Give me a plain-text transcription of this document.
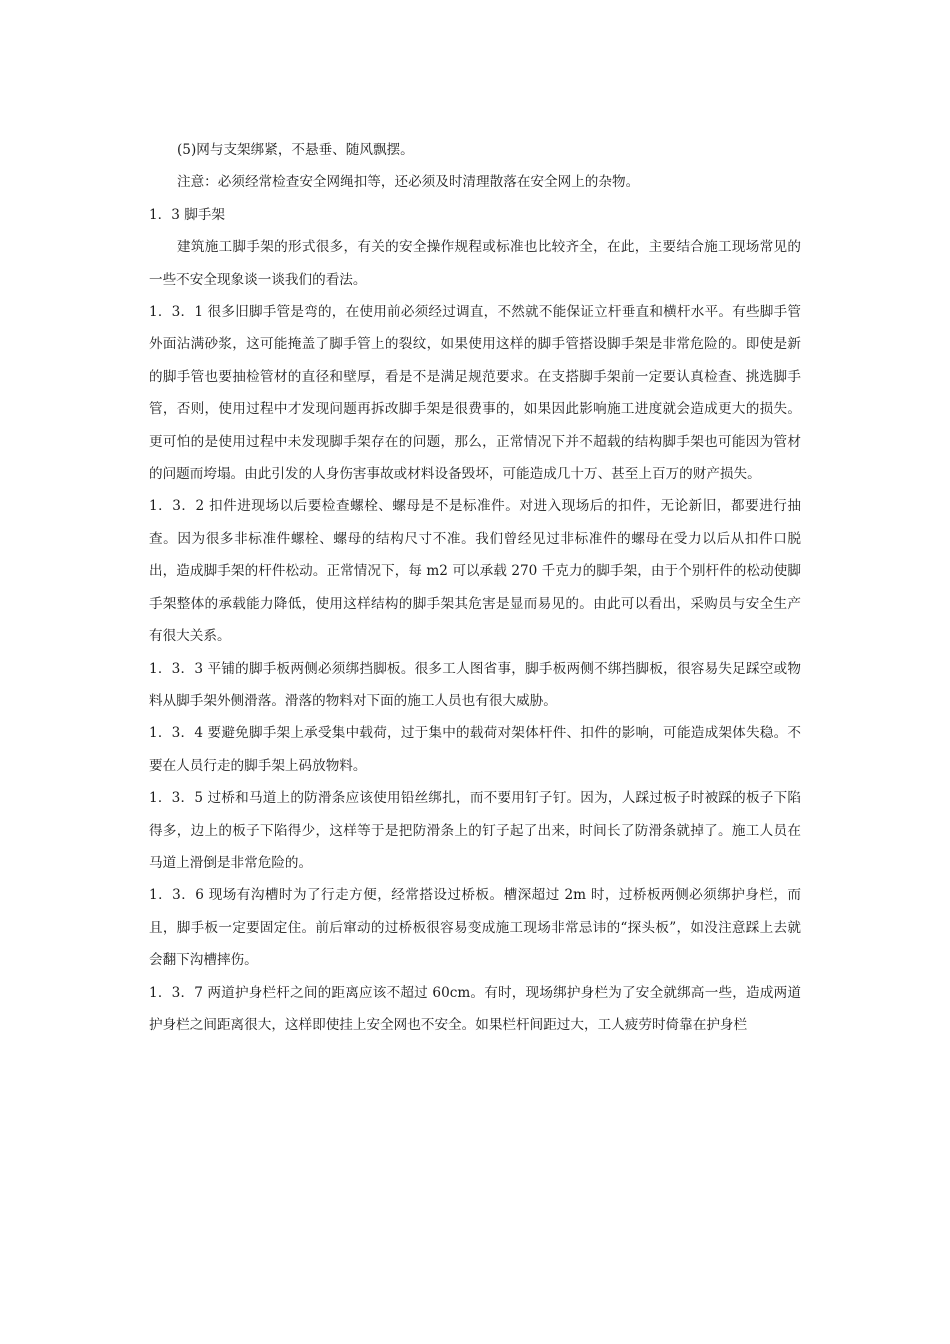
(5)网与支架绑紧，不悬垂、随风飘摆。

注意：必须经常检查安全网绳扣等，还必须及时清理散落在安全网上的杂物。

1．3 脚手架

建筑施工脚手架的形式很多，有关的安全操作规程或标准也比较齐全，在此，主要结合施工现场常见的一些不安全现象谈一谈我们的看法。

1．3．1 很多旧脚手管是弯的，在使用前必须经过调直，不然就不能保证立杆垂直和横杆水平。有些脚手管外面沾满砂浆，这可能掩盖了脚手管上的裂纹，如果使用这样的脚手管搭设脚手架是非常危险的。即使是新的脚手管也要抽检管材的直径和壁厚，看是不是满足规范要求。在支搭脚手架前一定要认真检查、挑选脚手管，否则，使用过程中才发现问题再拆改脚手架是很费事的，如果因此影响施工进度就会造成更大的损失。更可怕的是使用过程中未发现脚手架存在的问题，那么，正常情况下并不超载的结构脚手架也可能因为管材的问题而垮塌。由此引发的人身伤害事故或材料设备毁坏，可能造成几十万、甚至上百万的财产损失。

1．3．2 扣件进现场以后要检查螺栓、螺母是不是标准件。对进入现场后的扣件，无论新旧，都要进行抽查。因为很多非标准件螺栓、螺母的结构尺寸不准。我们曾经见过非标准件的螺母在受力以后从扣件口脱出，造成脚手架的杆件松动。正常情况下，每 m2 可以承载 270 千克力的脚手架，由于个别杆件的松动使脚手架整体的承载能力降低，使用这样结构的脚手架其危害是显而易见的。由此可以看出，采购员与安全生产有很大关系。

1．3．3 平铺的脚手板两侧必须绑挡脚板。很多工人图省事，脚手板两侧不绑挡脚板，很容易失足踩空或物料从脚手架外侧滑落。滑落的物料对下面的施工人员也有很大威胁。

1．3．4 要避免脚手架上承受集中载荷，过于集中的载荷对架体杆件、扣件的影响，可能造成架体失稳。不要在人员行走的脚手架上码放物料。

1．3．5 过桥和马道上的防滑条应该使用铅丝绑扎，而不要用钉子钉。因为，人踩过板子时被踩的板子下陷得多，边上的板子下陷得少，这样等于是把防滑条上的钉子起了出来，时间长了防滑条就掉了。施工人员在马道上滑倒是非常危险的。

1．3．6 现场有沟槽时为了行走方便，经常搭设过桥板。槽深超过 2m 时，过桥板两侧必须绑护身栏，而且，脚手板一定要固定住。前后窜动的过桥板很容易变成施工现场非常忌讳的“探头板”，如没注意踩上去就会翻下沟槽摔伤。

1．3．7 两道护身栏杆之间的距离应该不超过 60cm。有时，现场绑护身栏为了安全就绑高一些，造成两道护身栏之间距离很大，这样即使挂上安全网也不安全。如果栏杆间距过大，工人疲劳时倚靠在护身栏
